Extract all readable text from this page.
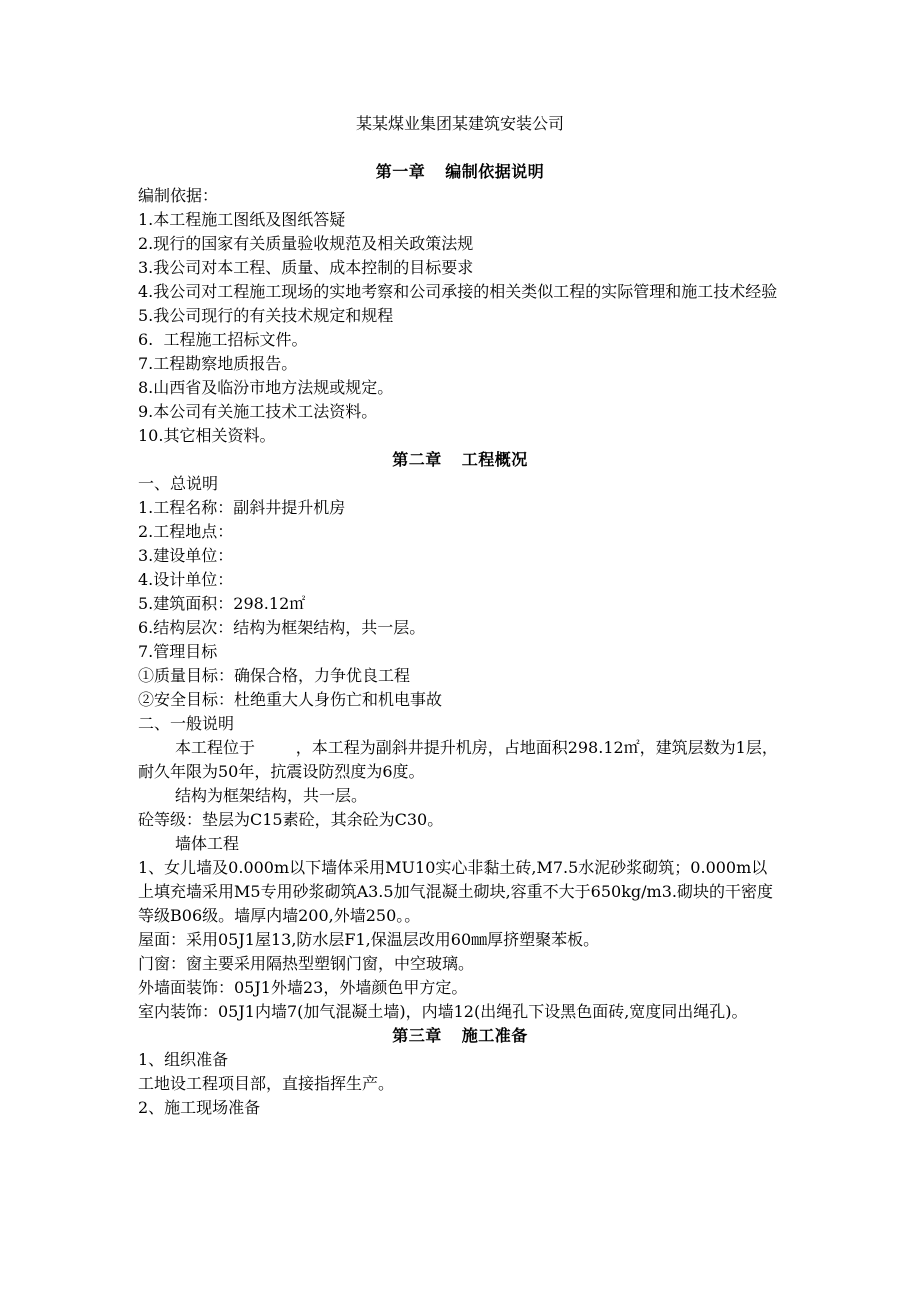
某某煤业集团某建筑安装公司
第一章 编制依据说明

编制依据：

1.本工程施工图纸及图纸答疑

2.现行的国家有关质量验收规范及相关政策法规

3.我公司对本工程、质量、成本控制的目标要求

4.我公司对工程施工现场的实地考察和公司承接的相关类似工程的实际管理和施工技术经验

5.我公司现行的有关技术规定和规程

6.  工程施工招标文件。

7.工程勘察地质报告。

8.山西省及临汾市地方法规或规定。

9.本公司有关施工技术工法资料。

10.其它相关资料。

第二章 工程概况

一、总说明

1.工程名称：副斜井提升机房

2.工程地点：

3.建设单位：

4.设计单位：

5.建筑面积：298.12㎡

6.结构层次：结构为框架结构，共一层。

7.管理目标

①质量目标：确保合格，力争优良工程

②安全目标：杜绝重大人身伤亡和机电事故

二、一般说明

本工程位于        ，本工程为副斜井提升机房，占地面积298.12㎡，建筑层数为1层，耐久年限为50年，抗震设防烈度为6度。

结构为框架结构，共一层。

砼等级：垫层为C15素砼，其余砼为C30。

墙体工程

1、女儿墙及0.000m以下墙体采用MU10实心非黏土砖,M7.5水泥砂浆砌筑；0.000m以上填充墙采用M5专用砂浆砌筑A3.5加气混凝土砌块,容重不大于650kg/m3.砌块的干密度等级B06级。墙厚内墙200,外墙250。。

屋面：采用05J1屋13,防水层F1,保温层改用60㎜厚挤塑聚苯板。

门窗：窗主要采用隔热型塑钢门窗，中空玻璃。

外墙面装饰：05J1外墙23，外墙颜色甲方定。

室内装饰：05J1内墙7(加气混凝土墙)，内墙12(出绳孔下设黑色面砖,宽度同出绳孔)。

第三章 施工准备

1、组织准备

工地设工程项目部，直接指挥生产。

2、施工现场准备
